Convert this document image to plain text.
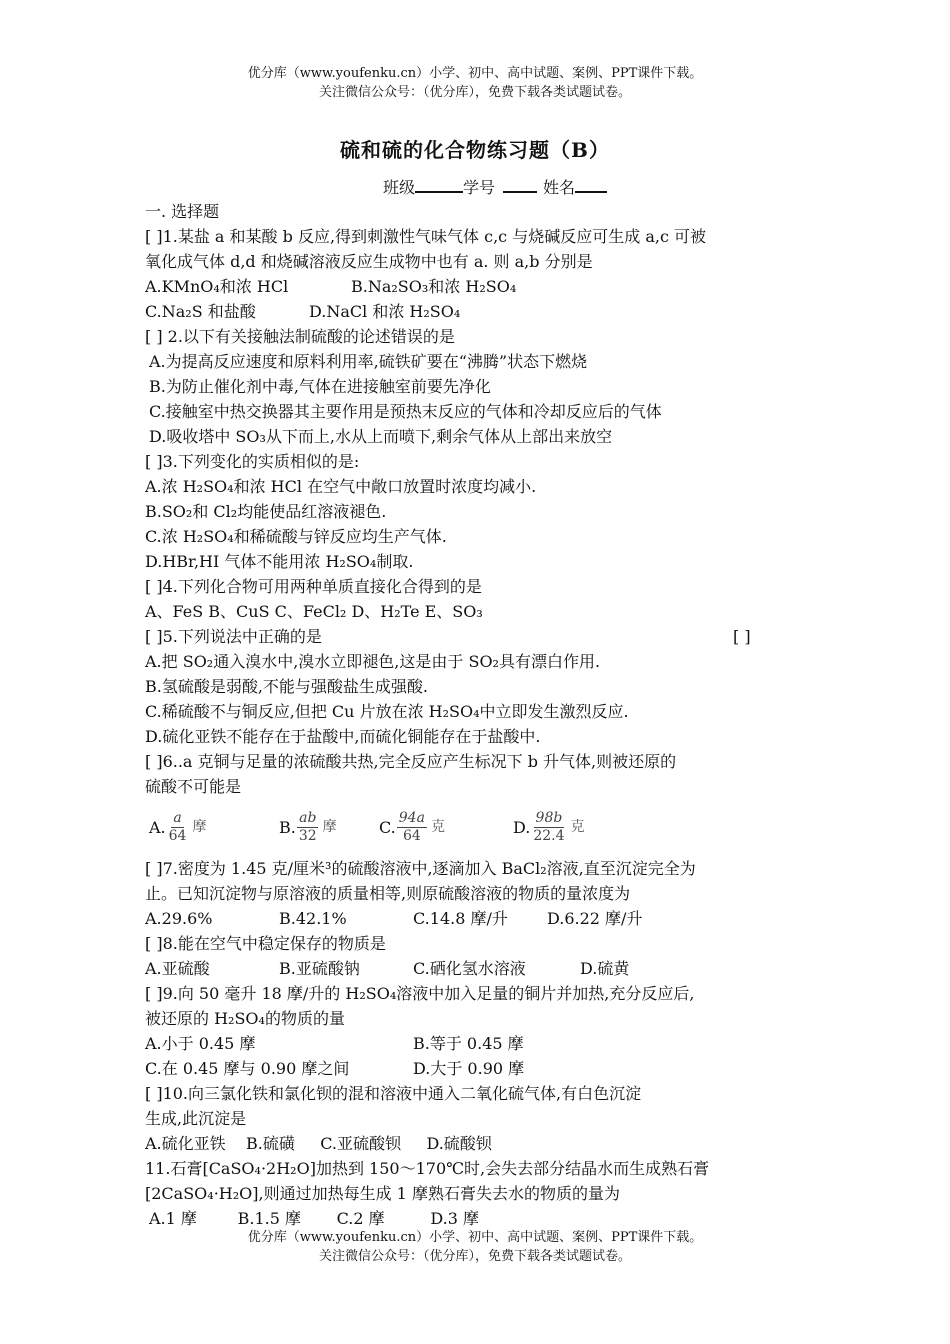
优分库（www.youfenku.cn）小学、初中、高中试题、案例、PPT课件下载。
关注微信公众号：（优分库），免费下载各类试题试卷。
硫和硫的化合物练习题（B）
班级	学号	姓名

一. 选择题

[ ]1.某盐 a 和某酸 b 反应,得到刺激性气味气体 c,c 与烧碱反应可生成 a,c 可被

氧化成气体 d,d 和烧碱溶液反应生成物中也有 a. 则 a,b 分别是

A.KMnO₄和浓 HCl	B.Na₂SO₃和浓 H₂SO₄
C.Na₂S 和盐酸	D.NaCl 和浓 H₂SO₄

[ ] 2.以下有关接触法制硫酸的论述错误的是

A.为提高反应速度和原料利用率,硫铁矿要在“沸腾”状态下燃烧

B.为防止催化剂中毒,气体在进接触室前要先净化

C.接触室中热交换器其主要作用是预热末反应的气体和冷却反应后的气体

D.吸收塔中 SO₃从下而上,水从上而喷下,剩余气体从上部出来放空

[ ]3.下列变化的实质相似的是:

A.浓 H₂SO₄和浓 HCl 在空气中敞口放置时浓度均减小.

B.SO₂和 Cl₂均能使品红溶液褪色.

C.浓 H₂SO₄和稀硫酸与锌反应均生产气体.

D.HBr,HI 气体不能用浓 H₂SO₄制取.

[ ]4.下列化合物可用两种单质直接化合得到的是

A、FeS B、CuS C、FeCl₂ D、H₂Te E、SO₃

[ ]5.下列说法中正确的是	[ ]

A.把 SO₂通入溴水中,溴水立即褪色,这是由于 SO₂具有漂白作用.

B.氢硫酸是弱酸,不能与强酸盐生成强酸.

C.稀硫酸不与铜反应,但把 Cu 片放在浓 H₂SO₄中立即发生激烈反应.

D.硫化亚铁不能存在于盐酸中,而硫化铜能存在于盐酸中.

[ ]6..a 克铜与足量的浓硫酸共热,完全反应产生标况下 b 升气体,则被还原的

硫酸不可能是

A. $\frac{a}{64}$ 摩	B. $\frac{ab}{32}$ 摩	C. $\frac{94a}{64}$ 克	D. $\frac{98b}{22.4}$ 克

[ ]7.密度为 1.45 克/厘米³的硫酸溶液中,逐滴加入 BaCl₂溶液,直至沉淀完全为

止。已知沉淀物与原溶液的质量相等,则原硫酸溶液的物质的量浓度为

A.29.6%	B.42.1%	C.14.8 摩/升	D.6.22 摩/升

[ ]8.能在空气中稳定保存的物质是

A.亚硫酸	B.亚硫酸钠	C.硒化氢水溶液	D.硫黄

[ ]9.向 50 毫升 18 摩/升的 H₂SO₄溶液中加入足量的铜片并加热,充分反应后,

被还原的 H₂SO₄的物质的量

A.小于 0.45 摩	B.等于 0.45 摩
C.在 0.45 摩与 0.90 摩之间	D.大于 0.90 摩

[ ]10.向三氯化铁和氯化钡的混和溶液中通入二氧化硫气体,有白色沉淀

生成,此沉淀是

A.硫化亚铁    B.硫磺     C.亚硫酸钡     D.硫酸钡

11.石膏[CaSO₄·2H₂O]加热到 150～170℃时,会失去部分结晶水而生成熟石膏

[2CaSO₄·H₂O],则通过加热每生成 1 摩熟石膏失去水的物质的量为

A.1 摩        B.1.5 摩       C.2 摩         D.3 摩

优分库（www.youfenku.cn）小学、初中、高中试题、案例、PPT课件下载。
关注微信公众号：（优分库），免费下载各类试题试卷。
